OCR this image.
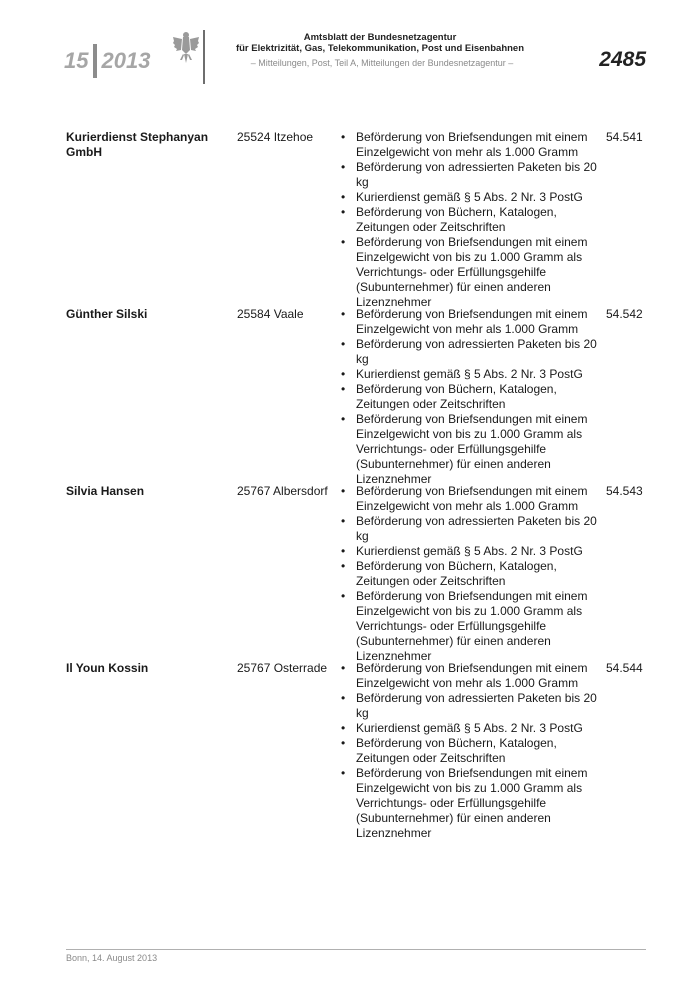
15 2013
Amtsblatt der Bundesnetzagentur
für Elektrizität, Gas, Telekommunikation, Post und Eisenbahnen
– Mitteilungen, Post, Teil A, Mitteilungen der Bundesnetzagentur –	2485
Kurierdienst Stephanyan GmbH
25524 Itzehoe	• Beförderung von Briefsendungen mit einem Einzelgewicht von mehr als 1.000 Gramm
• Beförderung von adressierten Paketen bis 20 kg
• Kurierdienst gemäß § 5 Abs. 2 Nr. 3 PostG
• Beförderung von Büchern, Katalogen, Zeitungen oder Zeitschriften
• Beförderung von Briefsendungen mit einem Einzelgewicht von bis zu 1.000 Gramm als Verrichtungs- oder Erfüllungsgehilfe (Subunternehmer) für einen anderen Lizenznehmer
54.541
Günther Silski	25584 Vaale	• Beförderung von Briefsendungen mit einem Einzelgewicht von mehr als 1.000 Gramm
• Beförderung von adressierten Paketen bis 20 kg
• Kurierdienst gemäß § 5 Abs. 2 Nr. 3 PostG
• Beförderung von Büchern, Katalogen, Zeitungen oder Zeitschriften
• Beförderung von Briefsendungen mit einem Einzelgewicht von bis zu 1.000 Gramm als Verrichtungs- oder Erfüllungsgehilfe (Subunternehmer) für einen anderen Lizenznehmer
54.542
Silvia Hansen	25767 Albersdorf	• Beförderung von Briefsendungen mit einem Einzelgewicht von mehr als 1.000 Gramm
• Beförderung von adressierten Paketen bis 20 kg
• Kurierdienst gemäß § 5 Abs. 2 Nr. 3 PostG
• Beförderung von Büchern, Katalogen, Zeitungen oder Zeitschriften
• Beförderung von Briefsendungen mit einem Einzelgewicht von bis zu 1.000 Gramm als Verrichtungs- oder Erfüllungsgehilfe (Subunternehmer) für einen anderen Lizenznehmer
54.543
Il Youn Kossin	25767 Osterrade	• Beförderung von Briefsendungen mit einem Einzelgewicht von mehr als 1.000 Gramm
• Beförderung von adressierten Paketen bis 20 kg
• Kurierdienst gemäß § 5 Abs. 2 Nr. 3 PostG
• Beförderung von Büchern, Katalogen, Zeitungen oder Zeitschriften
• Beförderung von Briefsendungen mit einem Einzelgewicht von bis zu 1.000 Gramm als Verrichtungs- oder Erfüllungsgehilfe (Subunternehmer) für einen anderen Lizenznehmer
54.544
Bonn, 14. August 2013
